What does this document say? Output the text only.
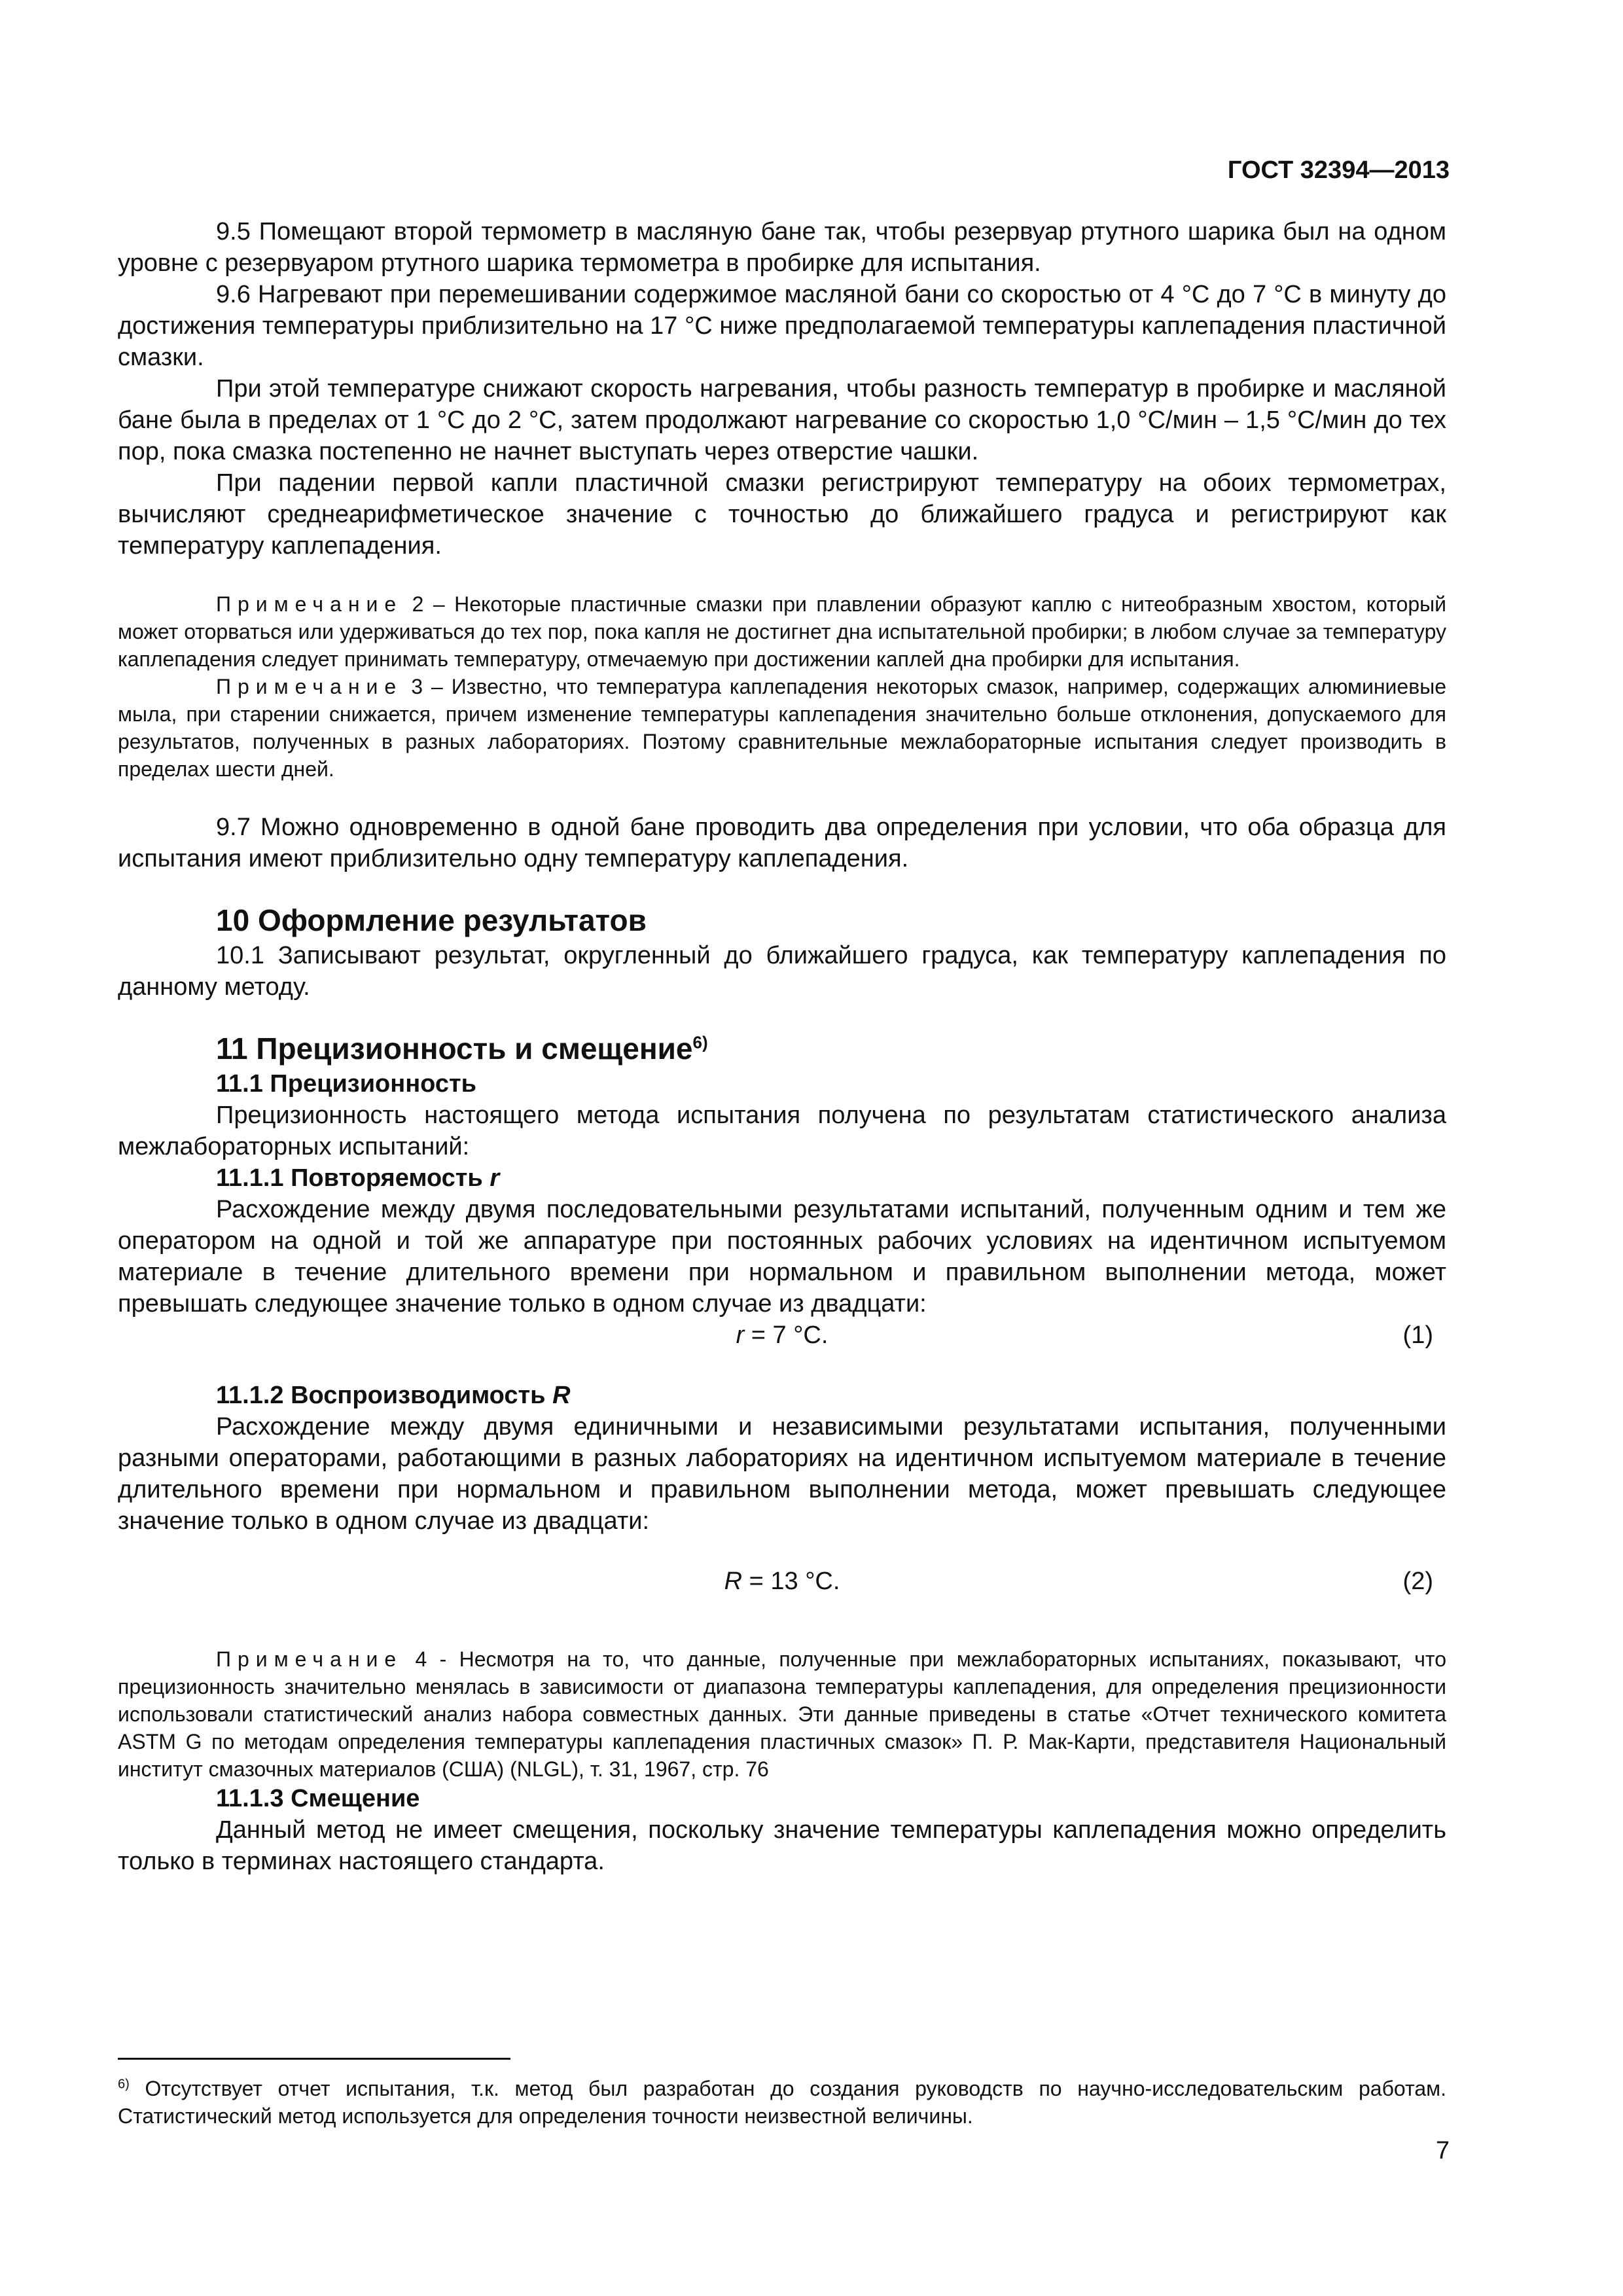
ГОСТ 32394—2013

9.5 Помещают второй термометр в масляную бане так, чтобы резервуар ртутного шарика был на одном уровне с резервуаром ртутного шарика термометра в пробирке для испытания.

9.6 Нагревают при перемешивании содержимое масляной бани со скоростью от 4 °С до 7 °С в минуту до достижения температуры приблизительно на 17 °С ниже предполагаемой температуры каплепадения пластичной смазки.

При этой температуре снижают скорость нагревания, чтобы разность температур в пробирке и масляной бане была в пределах от 1 °С до 2 °С, затем продолжают нагревание со скоростью 1,0 °С/мин – 1,5 °С/мин до тех пор, пока смазка постепенно не начнет выступать через отверстие чашки.

При падении первой капли пластичной смазки регистрируют температуру на обоих термометрах, вычисляют среднеарифметическое значение с точностью до ближайшего градуса и регистрируют как температуру каплепадения.

Примечание 2 – Некоторые пластичные смазки при плавлении образуют каплю с нитеобразным хвостом, который может оторваться или удерживаться до тех пор, пока капля не достигнет дна испытательной пробирки; в любом случае за температуру каплепадения следует принимать температуру, отмечаемую при достижении каплей дна пробирки для испытания.

Примечание 3 – Известно, что температура каплепадения некоторых смазок, например, содержащих алюминиевые мыла, при старении снижается, причем изменение температуры каплепадения значительно больше отклонения, допускаемого для результатов, полученных в разных лабораториях. Поэтому сравнительные межлабораторные испытания следует производить в пределах шести дней.

9.7 Можно одновременно в одной бане проводить два определения при условии, что оба образца для испытания имеют приблизительно одну температуру каплепадения.

10 Оформление результатов

10.1 Записывают результат, округленный до ближайшего градуса, как температуру каплепадения по данному методу.

11 Прецизионность и смещение$^{6)}$
11.1 Прецизионность

Прецизионность настоящего метода испытания получена по результатам статистического анализа межлабораторных испытаний:

11.1.1 Повторяемость r

Расхождение между двумя последовательными результатами испытаний, полученным одним и тем же оператором на одной и той же аппаратуре при постоянных рабочих условиях на идентичном испытуемом материале в течение длительного времени при нормальном и правильном выполнении метода, может превышать следующее значение только в одном случае из двадцати:

r = 7 °С.	(1)
11.1.2 Воспроизводимость R

Расхождение между двумя единичными и независимыми результатами испытания, полученными разными операторами, работающими в разных лабораториях на идентичном испытуемом материале в течение длительного времени при нормальном и правильном выполнении метода, может превышать следующее значение только в одном случае из двадцати:

R = 13 °С.	(2)

Примечание 4 - Несмотря на то, что данные, полученные при межлабораторных испытаниях, показывают, что прецизионность значительно менялась в зависимости от диапазона температуры каплепадения, для определения прецизионности использовали статистический анализ набора совместных данных. Эти данные приведены в статье «Отчет технического комитета ASTM G по методам определения температуры каплепадения пластичных смазок» П. Р. Мак-Карти, представителя Национальный институт смазочных материалов (США) (NLGL), т. 31, 1967, стр. 76

11.1.3 Смещение

Данный метод не имеет смещения, поскольку значение температуры каплепадения можно определить только в терминах настоящего стандарта.

$^{6)}$ Отсутствует отчет испытания, т.к. метод был разработан до создания руководств по научно-исследовательским работам. Статистический метод используется для определения точности неизвестной величины.
7
